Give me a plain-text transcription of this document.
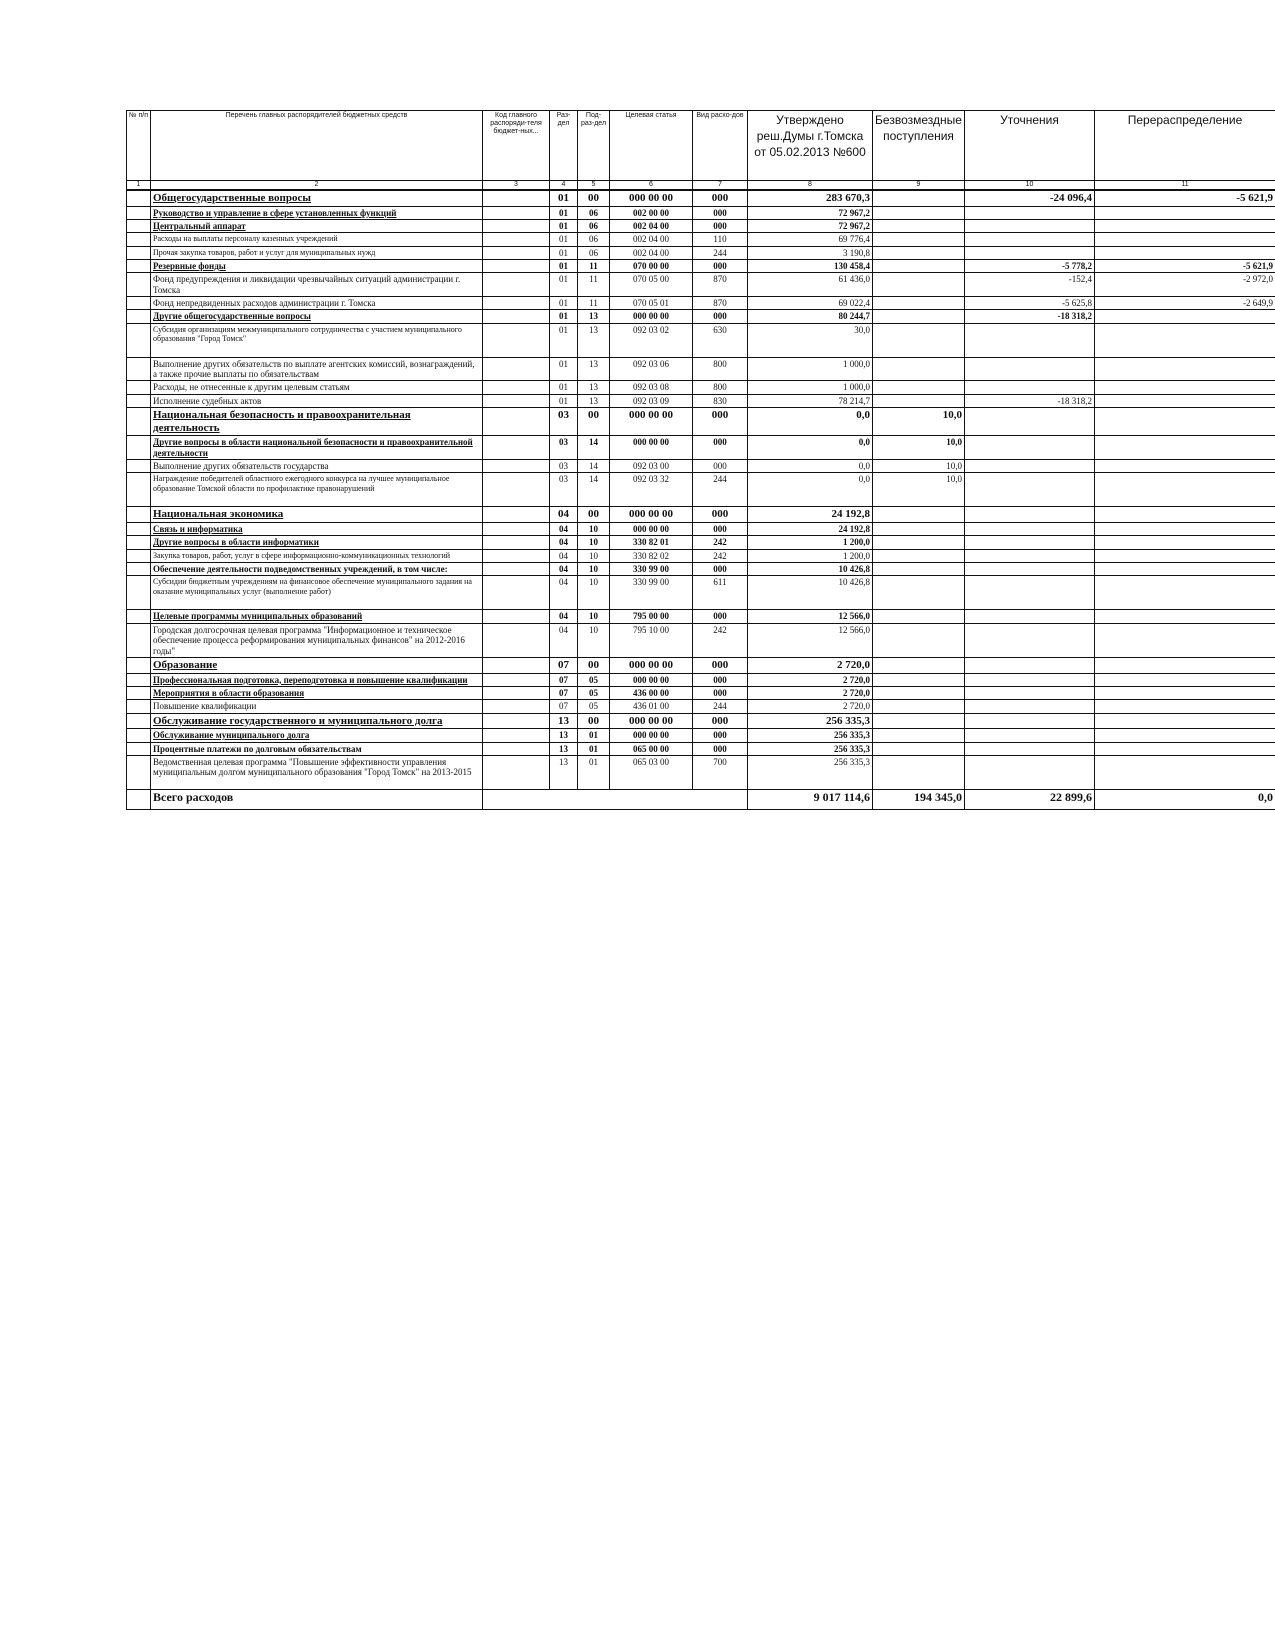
№ п/п	Перечень главных распорядителей бюджетных средств	Код главного распоряди-теля бюджет-ных...	Раз-дел	Под-раз-дел	Целевая статья	Вид расхо-дов	Утверждено реш.Думы г.Томска от 05.02.2013 №600	Безвозмездные поступления	Уточнения	Перераспределение
1	2	3	4	5	6	7	8	9	10	11
	Общегосударственные вопросы		01	00	000 00 00	000	283 670,3		-24 096,4	-5 621,9
	Руководство и управление в сфере установленных функций		01	06	002 00 00	000	72 967,2			
	Центральный аппарат		01	06	002 04 00	000	72 967,2			
	Расходы на выплаты персоналу казенных учреждений		01	06	002 04 00	110	69 776,4			
	Прочая закупка товаров, работ и услуг для муниципальных нужд		01	06	002 04 00	244	3 190,8			
	Резервные фонды		01	11	070 00 00	000	130 458,4		-5 778,2	-5 621,9
	Фонд предупреждения и ликвидации чрезвычайных ситуаций администрации г. Томска		01	11	070 05 00	870	61 436,0		-152,4	-2 972,0
	Фонд непредвиденных расходов администрации г. Томска		01	11	070 05 01	870	69 022,4		-5 625,8	-2 649,9
	Другие общегосударственные вопросы		01	13	000 00 00	000	80 244,7		-18 318,2	
	Субсидия организациям межмуниципального сотрудничества с участием муниципального образования "Город Томск"		01	13	092 03 02	630	30,0			
	Выполнение других обязательств по выплате агентских комиссий, вознаграждений, а также прочие выплаты по обязательствам		01	13	092 03 06	800	1 000,0			
	Расходы, не отнесенные к другим целевым статьям		01	13	092 03 08	800	1 000,0			
	Исполнение судебных актов		01	13	092 03 09	830	78 214,7		-18 318,2	
	Национальная безопасность и правоохранительная деятельность		03	00	000 00 00	000	0,0	10,0		
	Другие вопросы в области национальной безопасности и правоохранительной деятельности		03	14	000 00 00	000	0,0	10,0		
	Выполнение других обязательств государства		03	14	092 03 00	000	0,0	10,0		
	Награждение победителей областного ежегодного конкурса на лучшее муниципальное образование Томской области по профилактике правонарушений		03	14	092 03 32	244	0,0	10,0		
	Национальная экономика		04	00	000 00 00	000	24 192,8			
	Связь и информатика		04	10	000 00 00	000	24 192,8			
	Другие вопросы в области информатики		04	10	330 82 01	242	1 200,0			
	Закупка товаров, работ, услуг в сфере информационно-коммуникационных технологий		04	10	330 82 02	242	1 200,0			
	Обеспечение деятельности подведомственных учреждений, в том числе:		04	10	330 99 00	000	10 426,8			
	Субсидии бюджетным учреждениям на финансовое обеспечение муниципального задания на оказание муниципальных услуг (выполнение работ)		04	10	330 99 00	611	10 426,8			
	Целевые программы муниципальных образований		04	10	795 00 00	000	12 566,0			
	Городская долгосрочная целевая программа "Информационное и техническое обеспечение процесса реформирования муниципальных финансов" на 2012-2016 годы"		04	10	795 10 00	242	12 566,0			
	Образование		07	00	000 00 00	000	2 720,0			
	Профессиональная подготовка, переподготовка и повышение квалификации		07	05	000 00 00	000	2 720,0			
	Мероприятия в области образования		07	05	436 00 00	000	2 720,0			
	Повышение квалификации		07	05	436 01 00	244	2 720,0			
	Обслуживание государственного и муниципального долга		13	00	000 00 00	000	256 335,3			
	Обслуживание муниципального долга		13	01	000 00 00	000	256 335,3			
	Процентные платежи по долговым обязательствам		13	01	065 00 00	000	256 335,3			
	Ведомственная целевая программа "Повышение эффективности управления муниципальным долгом муниципального образования "Город Томск" на 2013-2015		13	01	065 03 00	700	256 335,3			
	Всего расходов						9 017 114,6	194 345,0	22 899,6	0,0
